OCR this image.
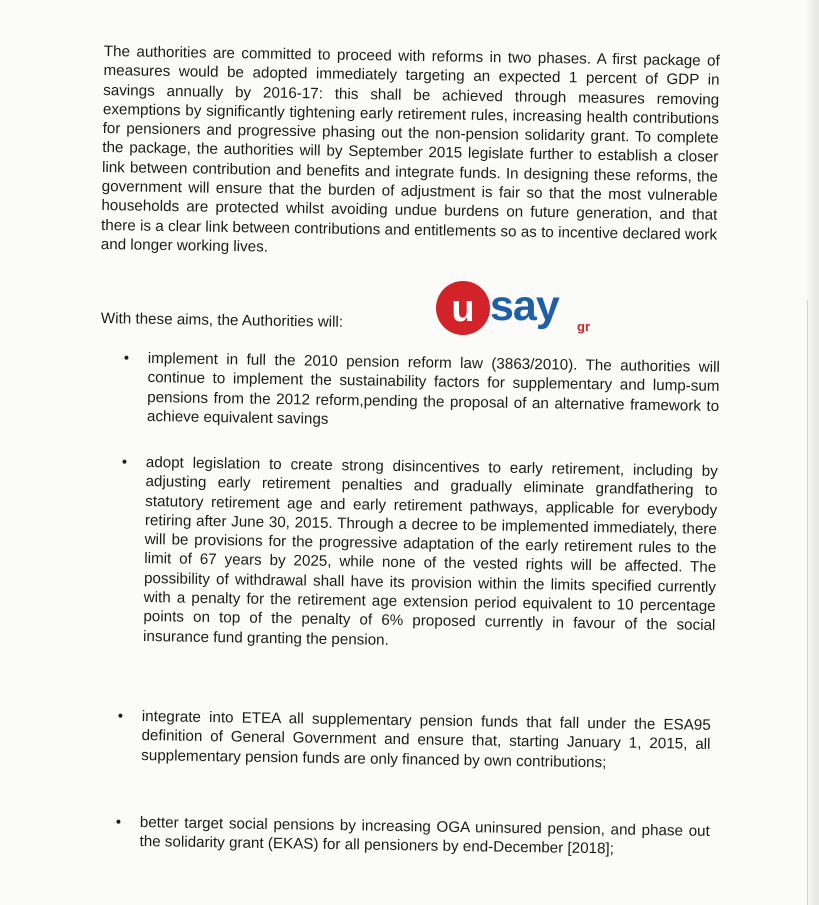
The authorities are committed to proceed with reforms in two phases. A first package of measures would be adopted immediately targeting an expected 1 percent of GDP in savings annually by 2016-17: this shall be achieved through measures removing exemptions by significantly tightening early retirement rules, increasing health contributions for pensioners and progressive phasing out the non-pension solidarity grant. To complete the package, the authorities will by September 2015 legislate further to establish a closer link between contribution and benefits and integrate funds. In designing these reforms, the government will ensure that the burden of adjustment is fair so that the most vulnerable households are protected whilst avoiding undue burdens on future generation, and that there is a clear link between contributions and entitlements so as to incentive declared work and longer working lives.

With these aims, the Authorities will:

• implement in full the 2010 pension reform law (3863/2010). The authorities will continue to implement the sustainability factors for supplementary and lump-sum pensions from the 2012 reform,pending the proposal of an alternative framework to achieve equivalent savings
• adopt legislation to create strong disincentives to early retirement, including by adjusting early retirement penalties and gradually eliminate grandfathering to statutory retirement age and early retirement pathways, applicable for everybody retiring after June 30, 2015. Through a decree to be implemented immediately, there will be provisions for the progressive adaptation of the early retirement rules to the limit of 67 years by 2025, while none of the vested rights will be affected. The possibility of withdrawal shall have its provision within the limits specified currently with a penalty for the retirement age extension period equivalent to 10 percentage points on top of the penalty of 6% proposed currently in favour of the social insurance fund granting the pension.
• integrate into ETEA all supplementary pension funds that fall under the ESA95 definition of General Government and ensure that, starting January 1, 2015, all supplementary pension funds are only financed by own contributions;
• better target social pensions by increasing OGA uninsured pension, and phase out the solidarity grant (EKAS) for all pensioners by end-December [2018];
u say gr
